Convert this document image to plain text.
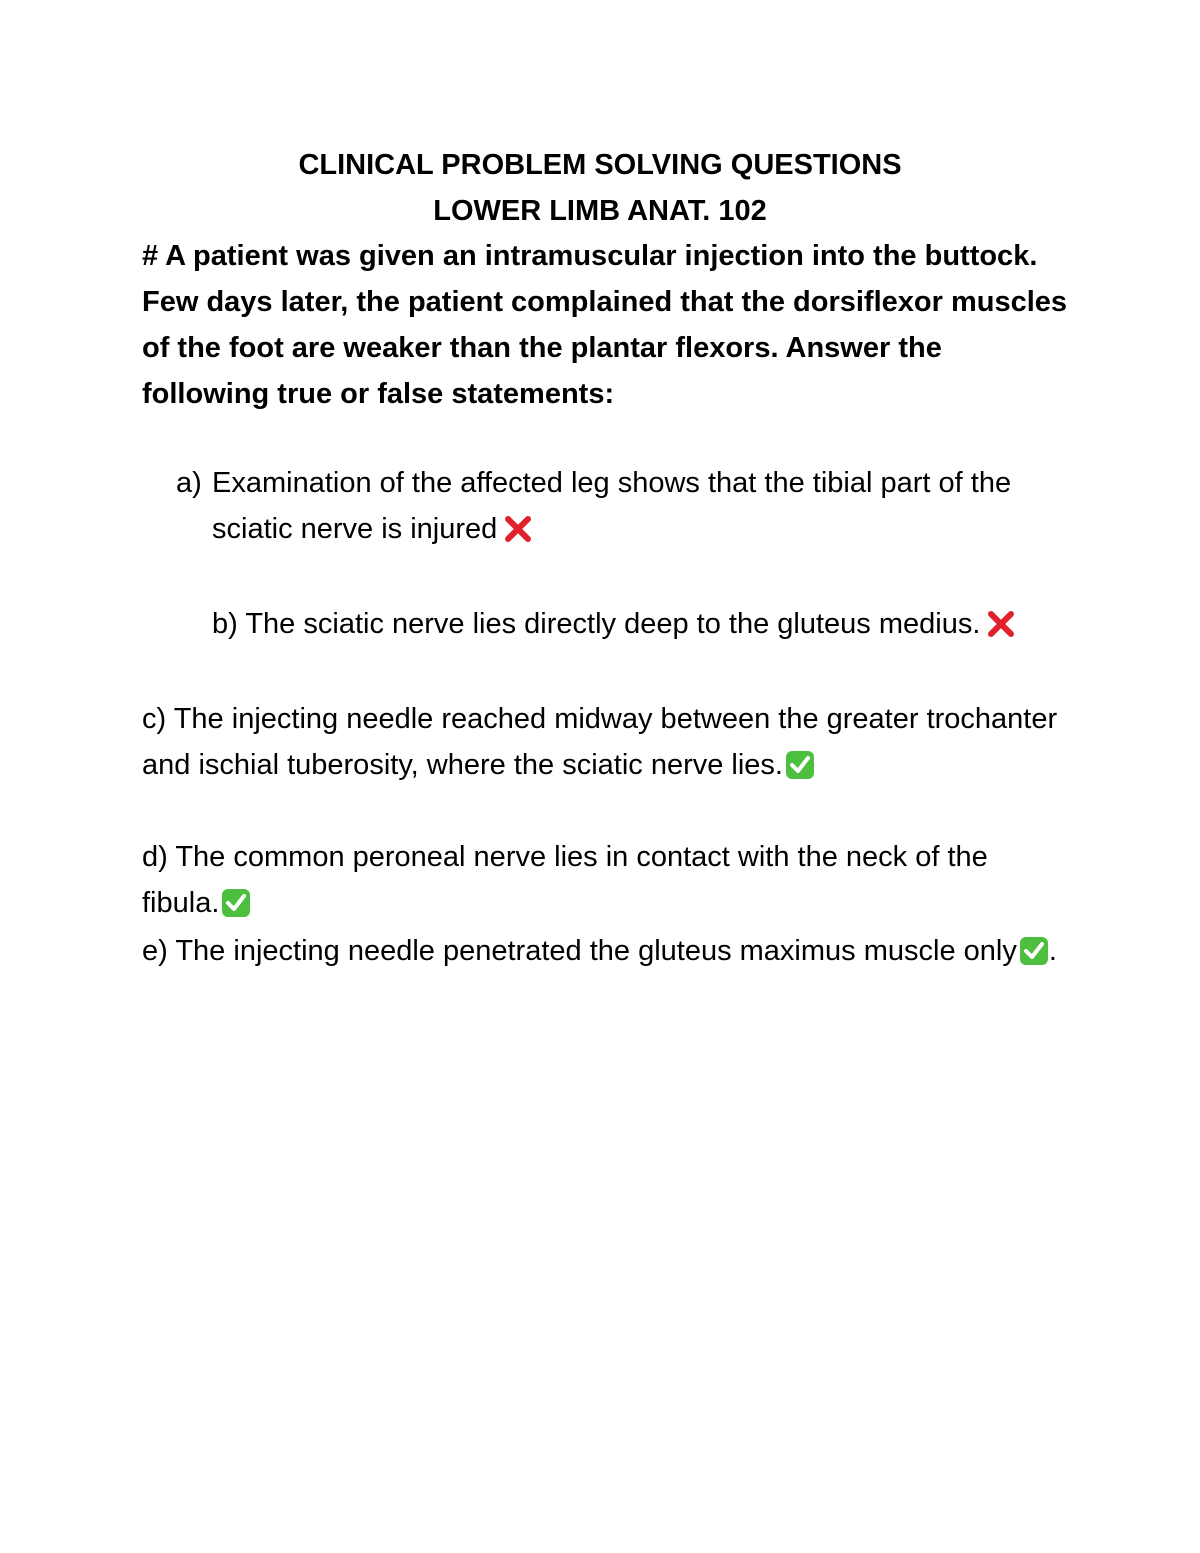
CLINICAL PROBLEM SOLVING QUESTIONS

LOWER LIMB ANAT. 102

# A patient was given an intramuscular injection into the buttock. Few days later, the patient complained that the dorsiflexor muscles of the foot are weaker than the plantar flexors. Answer the following true or false statements:

a) Examination of the affected leg shows that the tibial part of the sciatic nerve is injured

b) The sciatic nerve lies directly deep to the gluteus medius.

c) The injecting needle reached midway between the greater trochanter and ischial tuberosity, where the sciatic nerve lies.

d) The common peroneal nerve lies in contact with the neck of the fibula.

e) The injecting needle penetrated the gluteus maximus muscle only .
